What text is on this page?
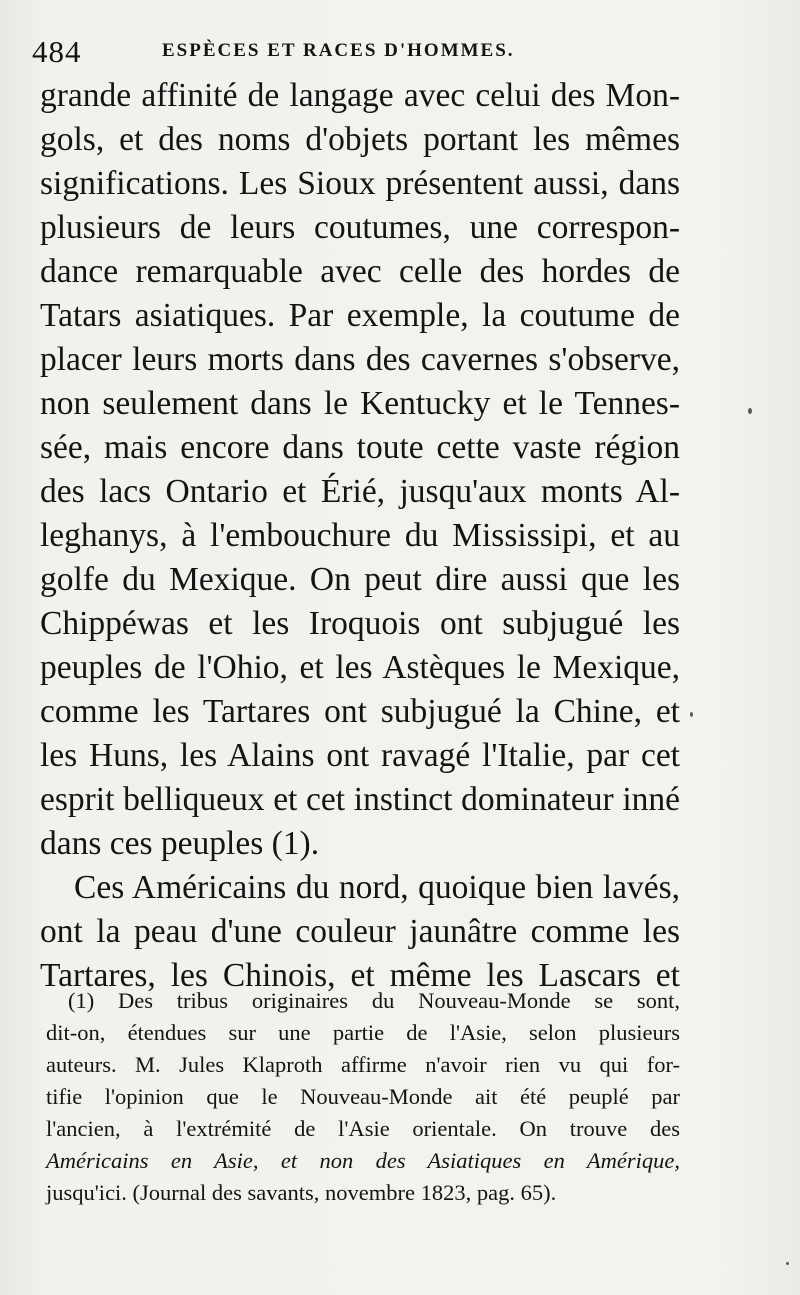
484	ESPÈCES ET RACES D'HOMMES.
grande affinité de langage avec celui des Mon-
gols, et des noms d'objets portant les mêmes
significations. Les Sioux présentent aussi, dans
plusieurs de leurs coutumes, une correspon-
dance remarquable avec celle des hordes de
Tatars asiatiques. Par exemple, la coutume de
placer leurs morts dans des cavernes s'observe,
non seulement dans le Kentucky et le Tennes-
sée, mais encore dans toute cette vaste région
des lacs Ontario et Érié, jusqu'aux monts Al-
leghanys, à l'embouchure du Mississipi, et au
golfe du Mexique. On peut dire aussi que les
Chippéwas et les Iroquois ont subjugué les
peuples de l'Ohio, et les Astèques le Mexique,
comme les Tartares ont subjugué la Chine, et
les Huns, les Alains ont ravagé l'Italie, par cet
esprit belliqueux et cet instinct dominateur inné
dans ces peuples (1).
Ces Américains du nord, quoique bien lavés,
ont la peau d'une couleur jaunâtre comme les
Tartares, les Chinois, et même les Lascars et
(1) Des tribus originaires du Nouveau-Monde se sont,
dit-on, étendues sur une partie de l'Asie, selon plusieurs
auteurs. M. Jules Klaproth affirme n'avoir rien vu qui for-
tifie l'opinion que le Nouveau-Monde ait été peuplé par
l'ancien, à l'extrémité de l'Asie orientale. On trouve des
Américains en Asie, et non des Asiatiques en Amérique,
jusqu'ici. (Journal des savants, novembre 1823, pag. 65).
